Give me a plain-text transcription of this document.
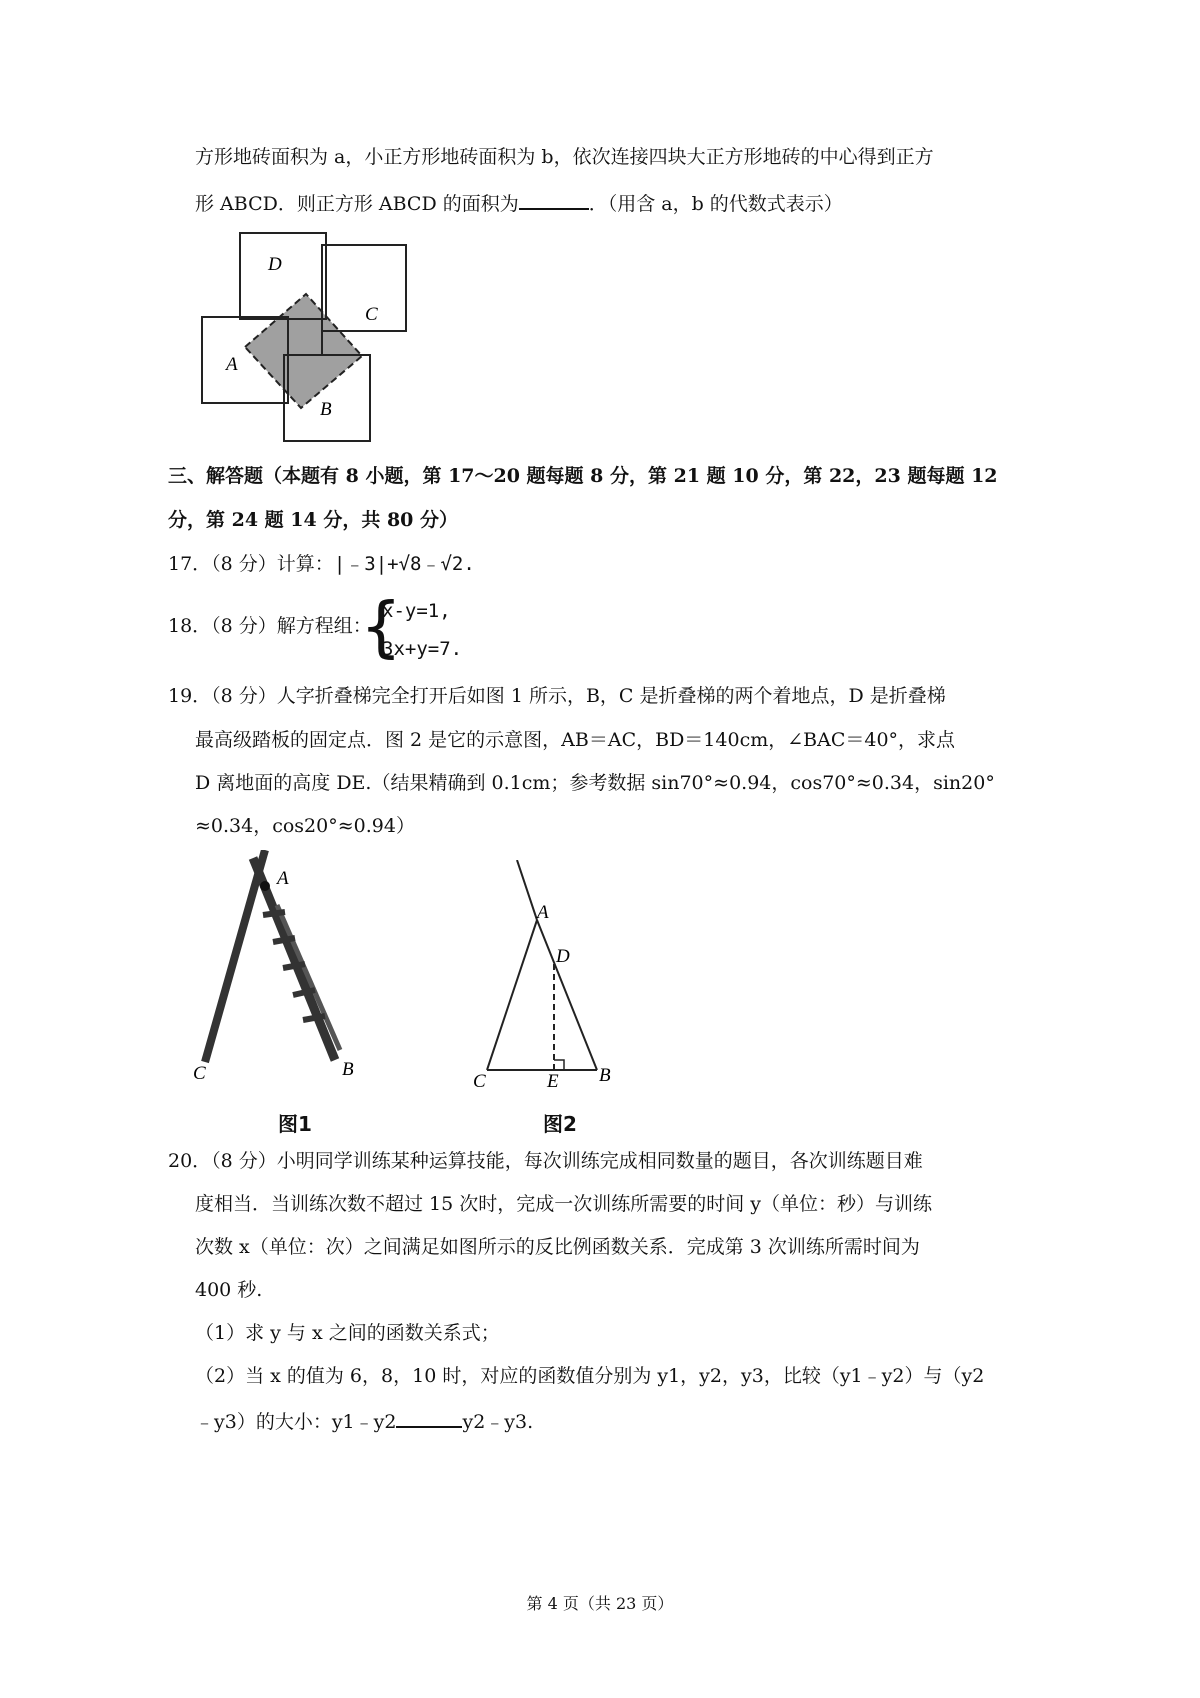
方形地砖面积为 a，小正方形地砖面积为 b，依次连接四块大正方形地砖的中心得到正方
形 ABCD．则正方形 ABCD 的面积为	．（用含 a，b 的代数式表示）
D
C
A
B
三、解答题（本题有 8 小题，第 17～20 题每题 8 分，第 21 题 10 分，第 22，23 题每题 12
分，第 24 题 14 分，共 80 分）
17．（8 分）计算：|﹣3|+√8﹣√2.
18．（8 分）解方程组：
{
x-y=1,
3x+y=7.
19．（8 分）人字折叠梯完全打开后如图 1 所示，B，C 是折叠梯的两个着地点，D 是折叠梯
最高级踏板的固定点．图 2 是它的示意图，AB＝AC，BD＝140cm，∠BAC＝40°，求点
D 离地面的高度 DE.（结果精确到 0.1cm；参考数据 sin70°≈0.94，cos70°≈0.34，sin20°
≈0.34，cos20°≈0.94）
A
C	B
图1
A
D
C	E B
图2
20．（8 分）小明同学训练某种运算技能，每次训练完成相同数量的题目，各次训练题目难
度相当．当训练次数不超过 15 次时，完成一次训练所需要的时间 y（单位：秒）与训练
次数 x（单位：次）之间满足如图所示的反比例函数关系．完成第 3 次训练所需时间为
400 秒.
（1）求 y 与 x 之间的函数关系式；
（2）当 x 的值为 6，8，10 时，对应的函数值分别为 y1，y2，y3，比较（y1﹣y2）与（y2
﹣y3）的大小：y1﹣y2	y2﹣y3.
第 4 页（共 23 页）
